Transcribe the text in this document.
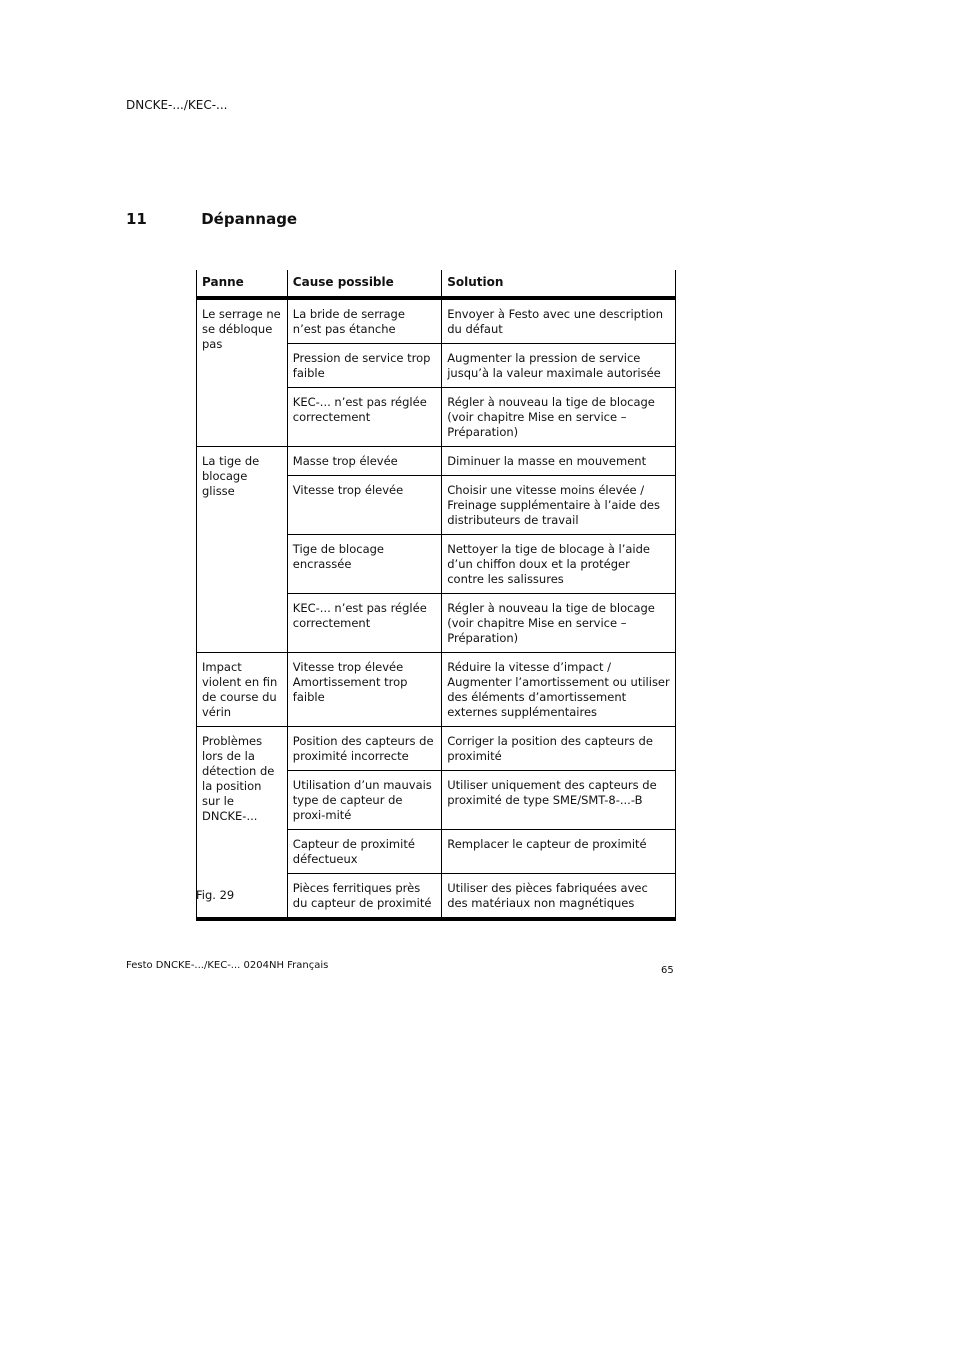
DNCKE-.../KEC-...
11	Dépannage
Panne	Cause possible	Solution
Le serrage ne se débloque pas	La bride de serrage n’est pas étanche	Envoyer à Festo avec une description du défaut
	Pression de service trop faible	Augmenter la pression de service jusqu’à la valeur maximale autorisée
	KEC-... n’est pas réglée correctement	Régler à nouveau la tige de blocage (voir chapitre Mise en service – Préparation)
La tige de blocage glisse	Masse trop élevée	Diminuer la masse en mouvement
	Vitesse trop élevée	Choisir une vitesse moins élevée / Freinage supplémentaire à l’aide des distributeurs de travail
	Tige de blocage encrassée	Nettoyer la tige de blocage à l’aide d’un chiffon doux et la protéger contre les salissures
	KEC-... n’est pas réglée correctement	Régler à nouveau la tige de blocage (voir chapitre Mise en service – Préparation)
Impact violent en fin de course du vérin	Vitesse trop élevée Amortissement trop faible	Réduire la vitesse d’impact / Augmenter l’amortissement ou utiliser des éléments d’amortissement externes supplémentaires
Problèmes lors de la détection de la position sur le DNCKE-...	Position des capteurs de proximité incorrecte	Corriger la position des capteurs de proximité
	Utilisation d’un mauvais type de capteur de proxi-mité	Utiliser uniquement des capteurs de proximité de type SME/SMT-8-...-B
	Capteur de proximité défectueux	Remplacer le capteur de proximité
	Pièces ferritiques près du capteur de proximité	Utiliser des pièces fabriquées avec des matériaux non magnétiques
Fig. 29
Festo DNCKE-.../KEC-... 0204NH Français	65
